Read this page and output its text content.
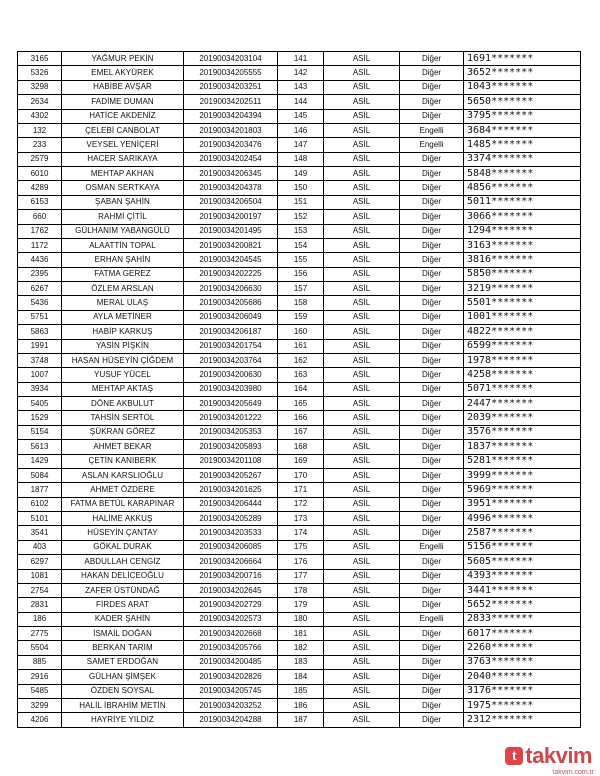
3165	YAĞMUR PEKİN	20190034203104	141	ASİL	Diğer	1691*******
5326	EMEL AKYÜREK	20190034205555	142	ASİL	Diğer	3652*******
3298	HABİBE AVŞAR	20190034203251	143	ASİL	Diğer	1043*******
2634	FADİME DUMAN	20190034202511	144	ASİL	Diğer	5650*******
4302	HATİCE AKDENİZ	20190034204394	145	ASİL	Diğer	3795*******
132	ÇELEBİ CANBOLAT	20190034201803	146	ASİL	Engelli	3684*******
233	VEYSEL YENİÇERİ	20190034203476	147	ASİL	Engelli	1485*******
2579	HACER SARIKAYA	20190034202454	148	ASİL	Diğer	3374*******
6010	MEHTAP AKHAN	20190034206345	149	ASİL	Diğer	5848*******
4289	OSMAN SERTKAYA	20190034204378	150	ASİL	Diğer	4856*******
6153	ŞABAN ŞAHİN	20190034206504	151	ASİL	Diğer	5011*******
660	RAHMİ ÇİTİL	20190034200197	152	ASİL	Diğer	3066*******
1762	GÜLHANIM YABANGÜLÜ	20190034201495	153	ASİL	Diğer	1294*******
1172	ALAATTİN TOPAL	20190034200821	154	ASİL	Diğer	3163*******
4436	ERHAN ŞAHİN	20190034204545	155	ASİL	Diğer	3816*******
2395	FATMA GEREZ	20190034202225	156	ASİL	Diğer	5850*******
6267	ÖZLEM ARSLAN	20190034206630	157	ASİL	Diğer	3219*******
5436	MERAL ULAŞ	20190034205686	158	ASİL	Diğer	5501*******
5751	AYLA METİNER	20190034206049	159	ASİL	Diğer	1001*******
5863	HABİP KARKUŞ	20190034206187	160	ASİL	Diğer	4822*******
1991	YASİN PİŞKİN	20190034201754	161	ASİL	Diğer	6599*******
3748	HASAN HÜSEYİN ÇİĞDEM	20190034203764	162	ASİL	Diğer	1978*******
1007	YUSUF YÜCEL	20190034200630	163	ASİL	Diğer	4258*******
3934	MEHTAP AKTAŞ	20190034203980	164	ASİL	Diğer	5071*******
5405	DÖNE AKBULUT	20190034205649	165	ASİL	Diğer	2447*******
1529	TAHSİN SERTOL	20190034201222	166	ASİL	Diğer	2039*******
5154	ŞÜKRAN GÖREZ	20190034205353	167	ASİL	Diğer	3576*******
5613	AHMET BEKAR	20190034205893	168	ASİL	Diğer	1837*******
1429	ÇETİN KANIBERK	20190034201108	169	ASİL	Diğer	5281*******
5084	ASLAN KARSLIOĞLU	20190034205267	170	ASİL	Diğer	3999*******
1877	AHMET ÖZDERE	20190034201625	171	ASİL	Diğer	5969*******
6102	FATMA BETÜL KARAPINAR	20190034206444	172	ASİL	Diğer	3951*******
5101	HALİME AKKUŞ	20190034205289	173	ASİL	Diğer	4996*******
3541	HÜSEYİN ÇANTAY	20190034203533	174	ASİL	Diğer	2587*******
403	GÖKAL DURAK	20190034206085	175	ASİL	Engelli	5156*******
6297	ABDULLAH CENGİZ	20190034206664	176	ASİL	Diğer	5605*******
1081	HAKAN DELİCEOĞLU	20190034200716	177	ASİL	Diğer	4393*******
2754	ZAFER ÜSTÜNDAĞ	20190034202645	178	ASİL	Diğer	3441*******
2831	FİRDES ARAT	20190034202729	179	ASİL	Diğer	5652*******
186	KADER ŞAHİN	20190034202573	180	ASİL	Engelli	2833*******
2775	İSMAİL DOĞAN	20190034202668	181	ASİL	Diğer	6017*******
5504	BERKAN TARIM	20190034205766	182	ASİL	Diğer	2260*******
885	SAMET ERDOĞAN	20190034200485	183	ASİL	Diğer	3763*******
2916	GÜLHAN ŞİMŞEK	20190034202826	184	ASİL	Diğer	2040*******
5485	ÖZDEN SOYSAL	20190034205745	185	ASİL	Diğer	3176*******
3299	HALİL İBRAHİM METİN	20190034203252	186	ASİL	Diğer	1975*******
4206	HAYRİYE YILDIZ	20190034204288	187	ASİL	Diğer	2312*******
t takvim
takvim.com.tr
